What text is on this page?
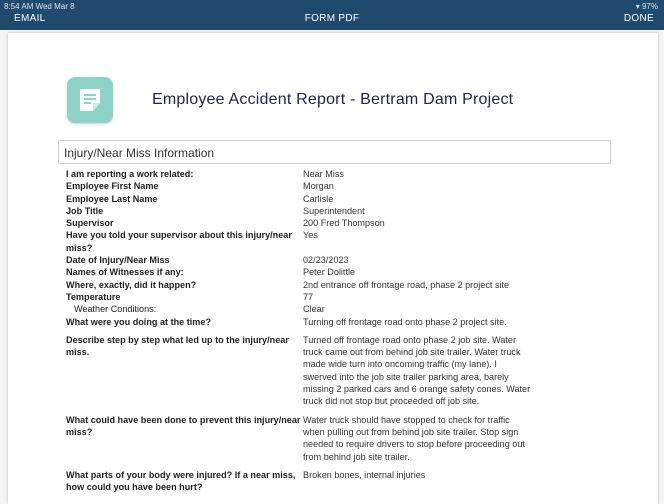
8:54 AM Wed Mar 8	▾ 97%
EMAIL	FORM PDF	DONE
Employee Accident Report - Bertram Dam Project
Injury/Near Miss Information
I am reporting a work related:	Near Miss
Employee First Name	Morgan
Employee Last Name	Carlisle
Job Title	Superintendent
Supervisor	200 Fred Thompson
Have you told your supervisor about this injury/near miss?
Yes
Date of Injury/Near Miss	02/23/2023
Names of Witnesses if any:	Peter Dolittle
Where, exactly, did it happen?	2nd entrance off frontage road, phase 2 project site
Temperature	77
Weather Conditions:	Clear
What were you doing at the time?	Turning off frontage road onto phase 2 project site.
Describe step by step what led up to the injury/near miss.
Turned off frontage road onto phase 2 job site. Water truck came out from behind job site trailer. Water truck made wide turn into oncoming traffic (my lane). I swerved into the job site trailer parking area, barely missing 2 parked cars and 6 orange safety cones. Water truck did not stop but proceeded off job site.
What could have been done to prevent this injury/near miss?
Water truck should have stopped to check for traffic when pulling out from behind job site trailer. Stop sign needed to require drivers to stop before proceeding out from behind job site trailer.
What parts of your body were injured? If a near miss, how could you have been hurt?
Broken bones, internal injuries
